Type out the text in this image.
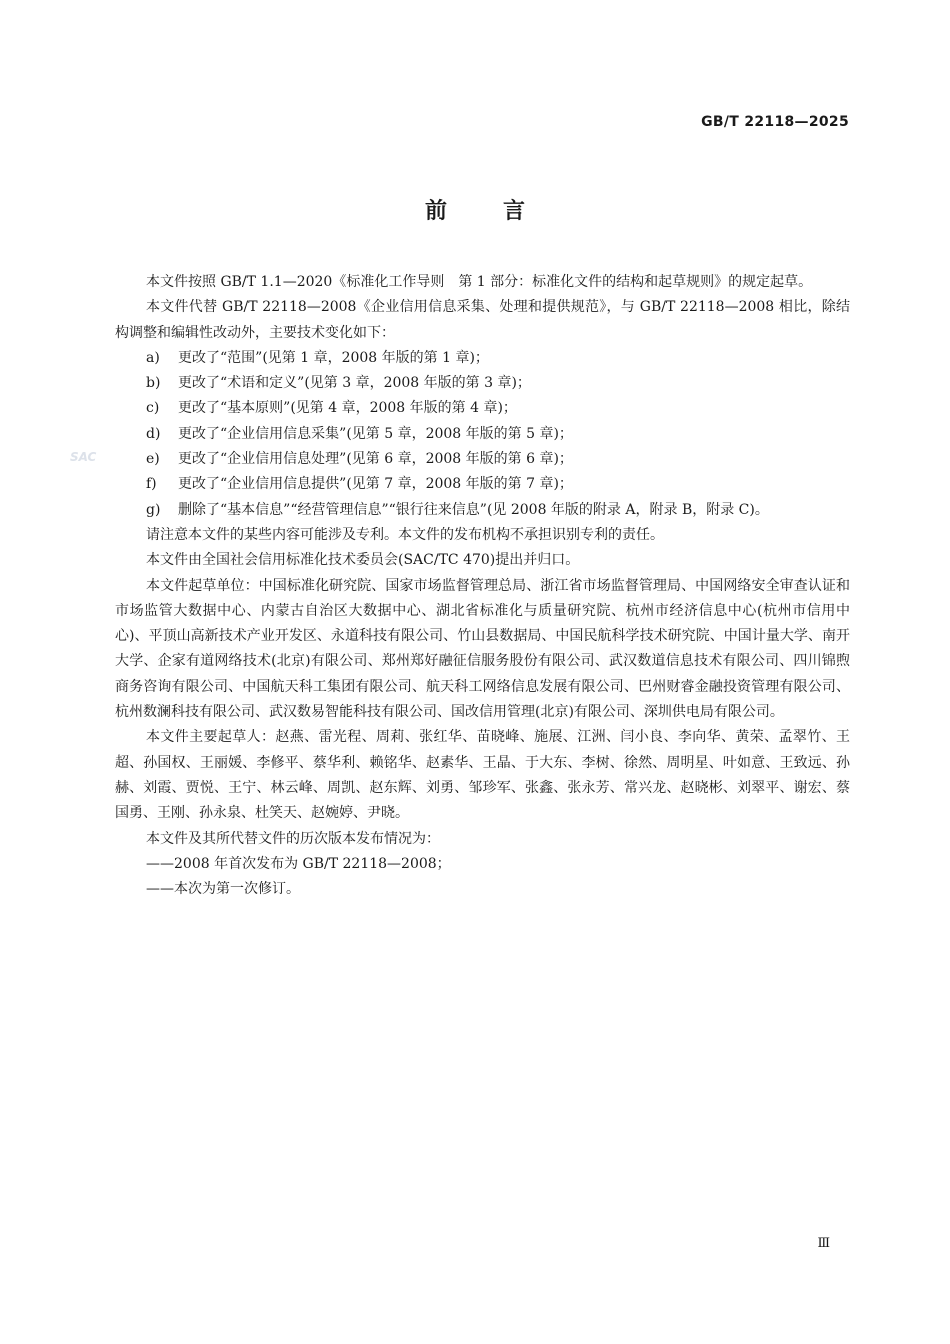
GB/T 22118—2025
前言
SAC

本文件按照 GB/T 1.1—2020《标准化工作导则　第 1 部分：标准化文件的结构和起草规则》的规定起草。

本文件代替 GB/T 22118—2008《企业信用信息采集、处理和提供规范》，与 GB/T 22118—2008 相比，除结构调整和编辑性改动外，主要技术变化如下：

a) 更改了“范围”(见第 1 章，2008 年版的第 1 章)；
b) 更改了“术语和定义”(见第 3 章，2008 年版的第 3 章)；
c) 更改了“基本原则”(见第 4 章，2008 年版的第 4 章)；
d) 更改了“企业信用信息采集”(见第 5 章，2008 年版的第 5 章)；
e) 更改了“企业信用信息处理”(见第 6 章，2008 年版的第 6 章)；
f) 更改了“企业信用信息提供”(见第 7 章，2008 年版的第 7 章)；
g) 删除了“基本信息”“经营管理信息”“银行往来信息”(见 2008 年版的附录 A，附录 B，附录 C)。

请注意本文件的某些内容可能涉及专利。本文件的发布机构不承担识别专利的责任。

本文件由全国社会信用标准化技术委员会(SAC/TC 470)提出并归口。

本文件起草单位：中国标准化研究院、国家市场监督管理总局、浙江省市场监督管理局、中国网络安全审查认证和市场监管大数据中心、内蒙古自治区大数据中心、湖北省标准化与质量研究院、杭州市经济信息中心(杭州市信用中心)、平顶山高新技术产业开发区、永道科技有限公司、竹山县数据局、中国民航科学技术研究院、中国计量大学、南开大学、企家有道网络技术(北京)有限公司、郑州郑好融征信服务股份有限公司、武汉数道信息技术有限公司、四川锦煦商务咨询有限公司、中国航天科工集团有限公司、航天科工网络信息发展有限公司、巴州财睿金融投资管理有限公司、杭州数澜科技有限公司、武汉数易智能科技有限公司、国改信用管理(北京)有限公司、深圳供电局有限公司。

本文件主要起草人：赵燕、雷光程、周莉、张红华、苗晓峰、施展、江洲、闫小良、李向华、黄荣、孟翠竹、王超、孙国权、王丽媛、李修平、蔡华利、赖铭华、赵素华、王晶、于大东、李树、徐然、周明星、叶如意、王致远、孙赫、刘霞、贾悦、王宁、林云峰、周凯、赵东辉、刘勇、邹珍军、张鑫、张永芳、常兴龙、赵晓彬、刘翠平、谢宏、蔡国勇、王刚、孙永泉、杜笑天、赵婉婷、尹晓。

本文件及其所代替文件的历次版本发布情况为：

——2008 年首次发布为 GB/T 22118—2008；
——本次为第一次修订。
Ⅲ
